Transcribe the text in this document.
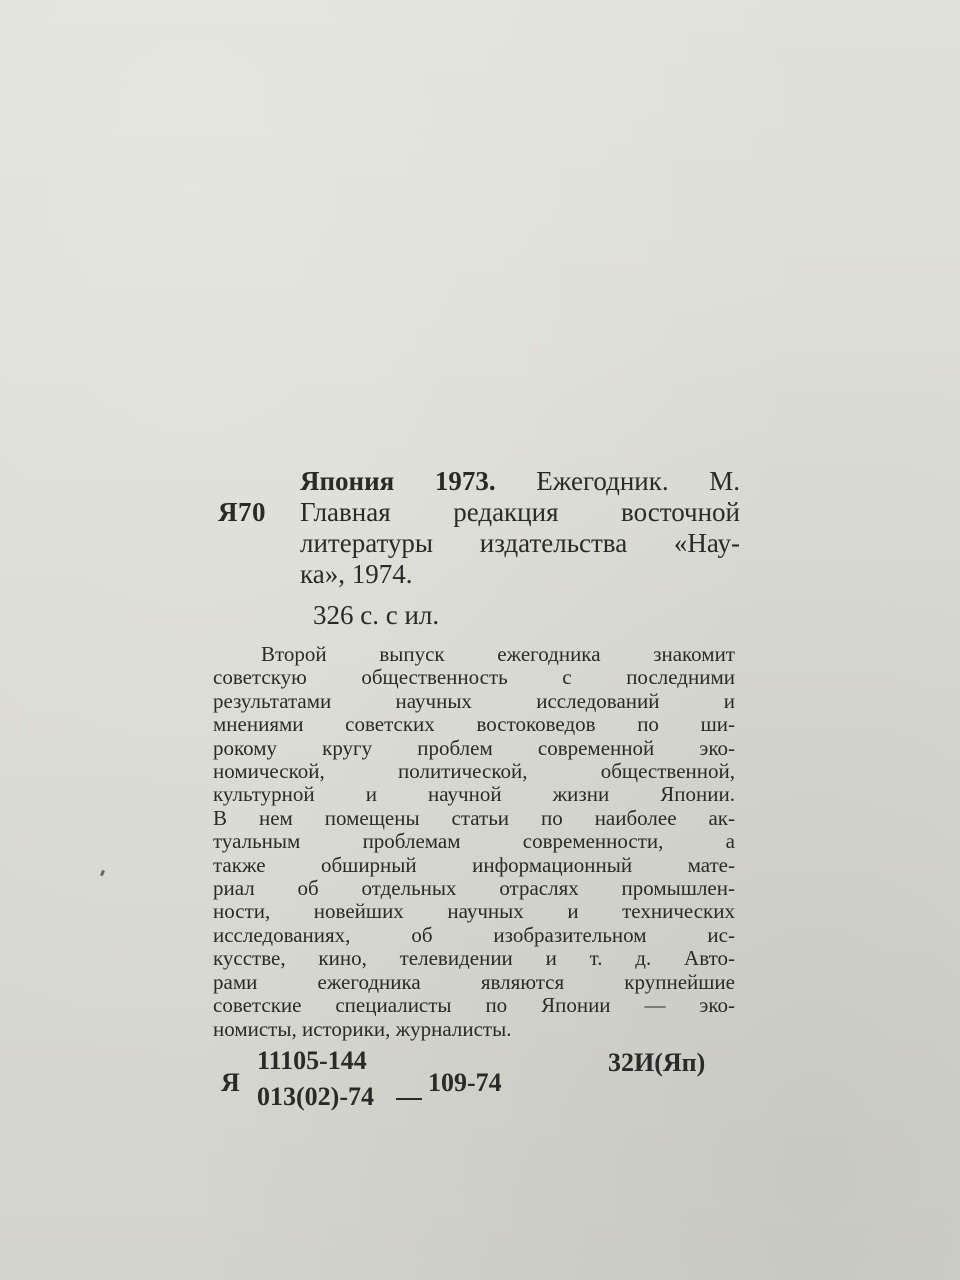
Я70

Япония 1973. Ежегодник. М.

Главная редакция восточной

литературы издательства «Нау-

ка», 1974.

326 с. с ил.

Второй выпуск ежегодника знакомит

советскую общественность с последними

результатами научных исследований и

мнениями советских востоковедов по ши-

рокому кругу проблем современной эко-

номической, политической, общественной,

культурной и научной жизни Японии.

В нем помещены статьи по наиболее ак-

туальным проблемам современности, а

также обширный информационный мате-

риал об отдельных отраслях промышлен-

ности, новейших научных и технических

исследованиях, об изобразительном ис-

кусстве, кино, телевидении и т. д. Авто-

рами ежегодника являются крупнейшие

советские специалисты по Японии — эко-

номисты, историки, журналисты.

Я
11105-144
013(02)-74 109-74
32И(Яп)
